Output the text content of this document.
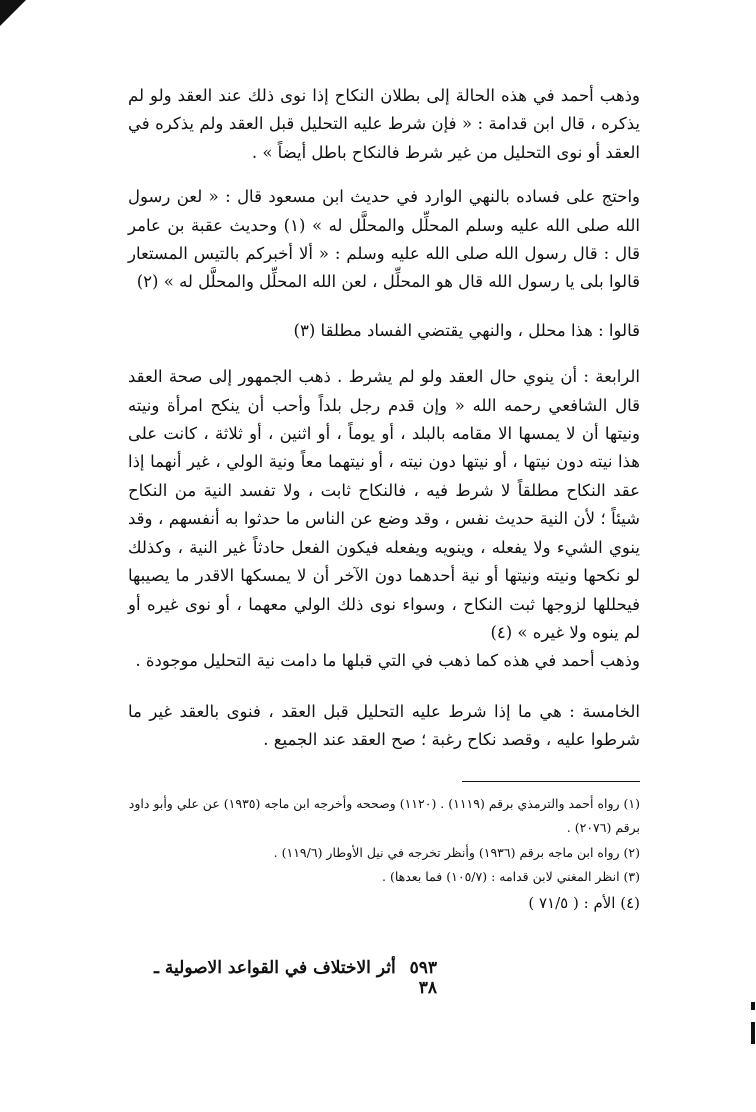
وذهب أحمد في هذه الحالة إلى بطلان النكاح إذا نوى ذلك عند العقد ولو لم يذكره ، قال ابن قدامة : « فإن شرط عليه التحليل قبل العقد ولم يذكره في العقد أو نوى التحليل من غير شرط فالنكاح باطل أيضاً » .

واحتج على فساده بالنهي الوارد في حديث ابن مسعود قال : « لعن رسول الله صلى الله عليه وسلم المحلِّل والمحلَّل له » (١) وحديث عقبة بن عامر قال : قال رسول الله صلى الله عليه وسلم : « ألا أخبركم بالتيس المستعار قالوا بلى يا رسول الله قال هو المحلِّل ، لعن الله المحلِّل والمحلَّل له » (٢)

قالوا : هذا محلل ، والنهي يقتضي الفساد مطلقا (٣)

الرابعة : أن ينوي حال العقد ولو لم يشرط . ذهب الجمهور إلى صحة العقد قال الشافعي رحمه الله « وإن قدم رجل بلداً وأحب أن ينكح امرأة ونيته ونيتها أن لا يمسها الا مقامه بالبلد ، أو يوماً ، أو اثنين ، أو ثلاثة ، كانت على هذا نيته دون نيتها ، أو نيتها دون نيته ، أو نيتهما معاً ونية الولي ، غير أنهما إذا عقد النكاح مطلقاً لا شرط فيه ، فالنكاح ثابت ، ولا تفسد النية من النكاح شيئاً ؛ لأن النية حديث نفس ، وقد وضع عن الناس ما حدثوا به أنفسهم ، وقد ينوي الشيء ولا يفعله ، وينويه ويفعله فيكون الفعل حادثاً غير النية ، وكذلك لو نكحها ونيته ونيتها أو نية أحدهما دون الآخر أن لا يمسكها الاقدر ما يصيبها فيحللها لزوجها ثبت النكاح ، وسواء نوى ذلك الولي معهما ، أو نوى غيره أو لم ينوه ولا غيره » (٤)

وذهب أحمد في هذه كما ذهب في التي قبلها ما دامت نية التحليل موجودة .

الخامسة : هي ما إذا شرط عليه التحليل قبل العقد ، فنوى بالعقد غير ما شرطوا عليه ، وقصد نكاح رغبة ؛ صح العقد عند الجميع .

(١) رواه أحمد والترمذي برقم (١١١٩) . (١١٢٠) وصححه وأخرجه ابن ماجه (١٩٣٥) عن علي وأبو داود برقم (٢٠٧٦) .

(٢) رواه ابن ماجه برقم (١٩٣٦) وأنظر تخرجه في نيل الأوطار (١١٩/٦) .

(٣) انظر المغني لابن قدامه : (١٠٥/٧) فما بعدها) .

(٤) الأم : ( ٧١/٥ )

٥٩٣ أثر الاختلاف في القواعد الاصولية ـ ٣٨
